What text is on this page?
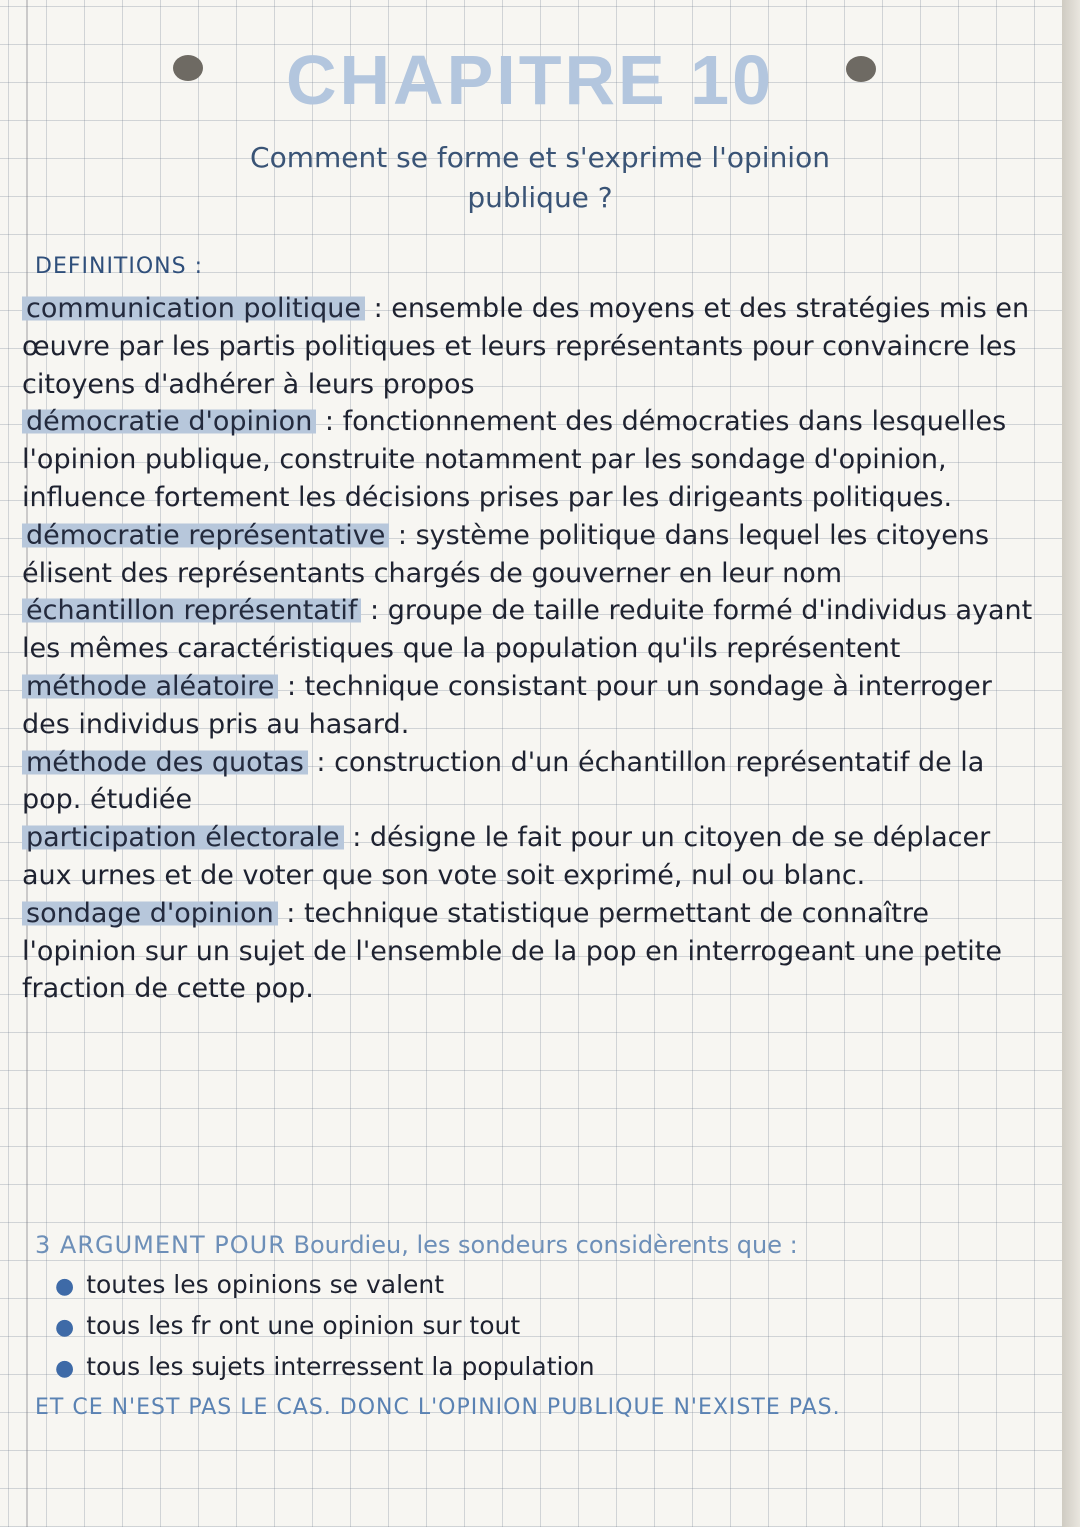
CHAPITRE 10
Comment se forme et s'exprime l'opinion
publique ?
DEFINITIONS :

communication politique : ensemble des moyens et des stratégies mis en œuvre par les partis politiques et leurs représentants pour convaincre les citoyens d'adhérer à leurs propos

démocratie d'opinion : fonctionnement des démocraties dans lesquelles l'opinion publique, construite notamment par les sondage d'opinion, influence fortement les décisions prises par les dirigeants politiques.

démocratie représentative : système politique dans lequel les citoyens élisent des représentants chargés de gouverner en leur nom

échantillon représentatif : groupe de taille reduite formé d'individus ayant les mêmes caractéristiques que la population qu'ils représentent

méthode aléatoire : technique consistant pour un sondage à interroger des individus pris au hasard.

méthode des quotas : construction d'un échantillon représentatif de la pop. étudiée

participation électorale : désigne le fait pour un citoyen de se déplacer aux urnes et de voter que son vote soit exprimé, nul ou blanc.

sondage d'opinion : technique statistique permettant de connaître l'opinion sur un sujet de l'ensemble de la pop en interrogeant une petite fraction de cette pop.

3 ARGUMENT POUR Bourdieu, les sondeurs considèrents que :
● toutes les opinions se valent
● tous les fr ont une opinion sur tout
● tous les sujets interressent la population
ET CE N'EST PAS LE CAS. DONC L'OPINION PUBLIQUE N'EXISTE PAS.
